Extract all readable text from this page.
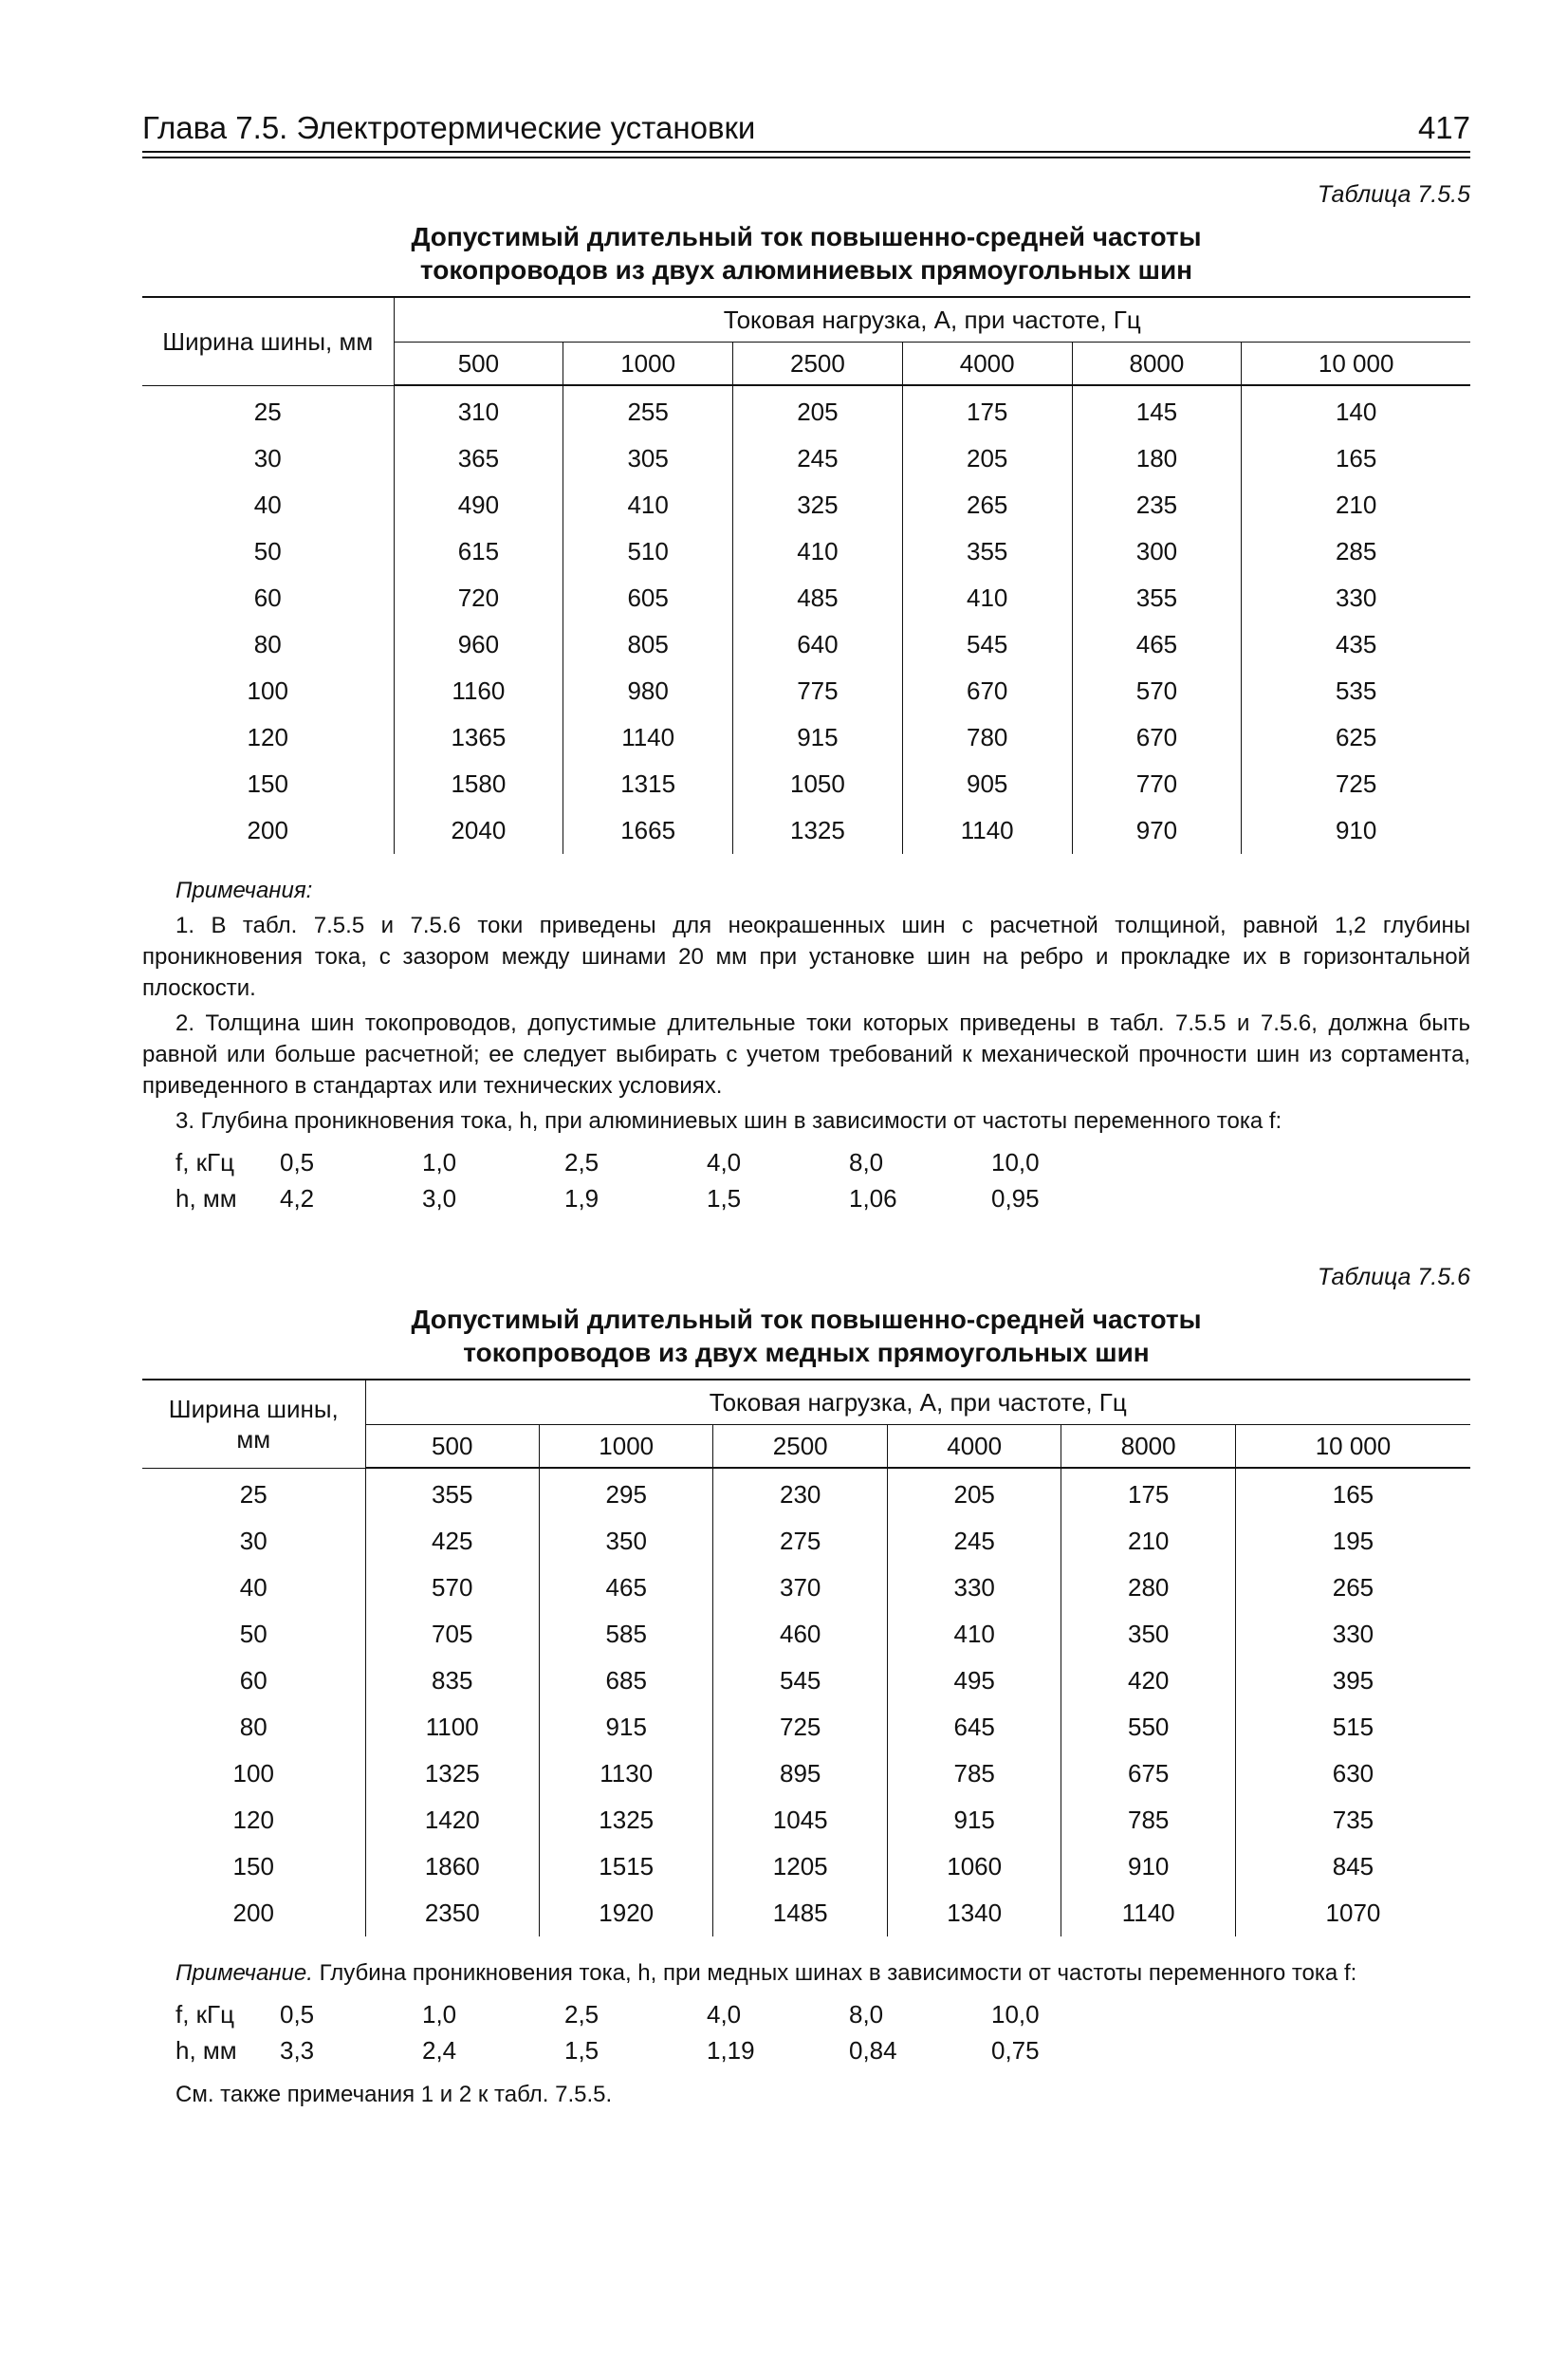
Глава 7.5. Электротермические установки	417
Таблица 7.5.5
Допустимый длительный ток повышенно-средней частоты
токопроводов из двух алюминиевых прямоугольных шин
Ширина шины, мм	Токовая нагрузка, А, при частоте, Гц					
	500	1000	2500	4000	8000	10 000
25	310	255	205	175	145	140
30	365	305	245	205	180	165
40	490	410	325	265	235	210
50	615	510	410	355	300	285
60	720	605	485	410	355	330
80	960	805	640	545	465	435
100	1160	980	775	670	570	535
120	1365	1140	915	780	670	625
150	1580	1315	1050	905	770	725
200	2040	1665	1325	1140	970	910
Примечания:

1. В табл. 7.5.5 и 7.5.6 токи приведены для неокрашенных шин с расчетной толщиной, равной 1,2 глубины проникновения тока, с зазором между шинами 20 мм при установке шин на ребро и прокладке их в горизонтальной плоскости.

2. Толщина шин токопроводов, допустимые длительные токи которых приведены в табл. 7.5.5 и 7.5.6, должна быть равной или больше расчетной; ее следует выбирать с учетом требований к механической прочности шин из сортамента, приведенного в стандартах или технических условиях.

3. Глубина проникновения тока, h, при алюминиевых шин в зависимости от частоты переменного тока f:

f, кГц	0,5	1,0	2,5	4,0	8,0	10,0
h, мм	4,2	3,0	1,9	1,5	1,06	0,95
Таблица 7.5.6
Допустимый длительный ток повышенно-средней частоты
токопроводов из двух медных прямоугольных шин
Ширина шины,
мм	Токовая нагрузка, А, при частоте, Гц					
	500	1000	2500	4000	8000	10 000
25	355	295	230	205	175	165
30	425	350	275	245	210	195
40	570	465	370	330	280	265
50	705	585	460	410	350	330
60	835	685	545	495	420	395
80	1100	915	725	645	550	515
100	1325	1130	895	785	675	630
120	1420	1325	1045	915	785	735
150	1860	1515	1205	1060	910	845
200	2350	1920	1485	1340	1140	1070

Примечание. Глубина проникновения тока, h, при медных шинах в зависимости от частоты переменного тока f:

f, кГц	0,5	1,0	2,5	4,0	8,0	10,0
h, мм	3,3	2,4	1,5	1,19	0,84	0,75
См. также примечания 1 и 2 к табл. 7.5.5.
